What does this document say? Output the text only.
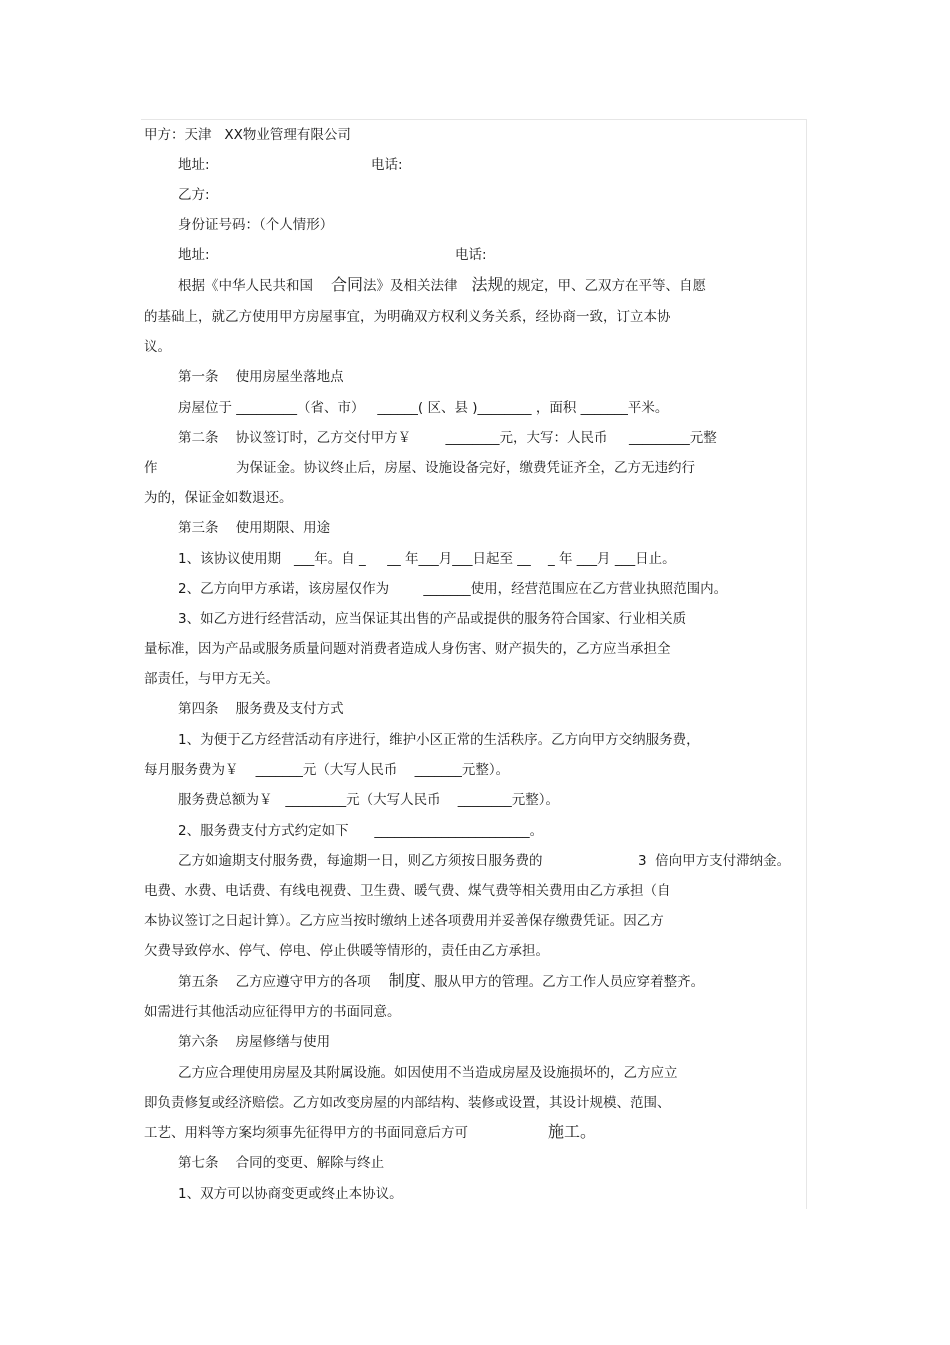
甲方：天津   XX物业管理有限公司
地址:	电话:
乙方:
身份证号码：（个人情形）
地址:	电话:
根据《中华人民共和国 合同法》及相关法律 法规的规定，甲、乙双方在平等、自愿
的基础上，就乙方使用甲方房屋事宜，为明确双方权利义务关系，经协商一致，订立本协
议。
第一条    使用房屋坐落地点
房屋位于 _________（省、市）   ______( 区、县 )________ ，面积 _______平米。
第二条    协议签订时，乙方交付甲方￥        ________元，大写：人民币     _________元整
作	为保证金。协议终止后，房屋、设施设备完好，缴费凭证齐全，乙方无违约行
为的，保证金如数退还。
第三条    使用期限、用途
1、该协议使用期   ___年。自 _     __ 年___月___日起至 __    _ 年 ___月 ___日止。
2、乙方向甲方承诺，该房屋仅作为        _______使用，经营范围应在乙方营业执照范围内。
3、如乙方进行经营活动，应当保证其出售的产品或提供的服务符合国家、行业相关质
量标准，因为产品或服务质量问题对消费者造成人身伤害、财产损失的，乙方应当承担全
部责任，与甲方无关。
第四条    服务费及支付方式
1、为便于乙方经营活动有序进行，维护小区正常的生活秩序。乙方向甲方交纳服务费，
每月服务费为￥    _______元（大写人民币    _______元整）。
服务费总额为￥   _________元（大写人民币    ________元整）。
2、服务费支付方式约定如下      _______________________。
乙方如逾期支付服务费，每逾期一日，则乙方须按日服务费的	3  倍向甲方支付滞纳金。
电费、水费、电话费、有线电视费、卫生费、暖气费、煤气费等相关费用由乙方承担（自
本协议签订之日起计算）。乙方应当按时缴纳上述各项费用并妥善保存缴费凭证。因乙方
欠费导致停水、停气、停电、停止供暖等情形的，责任由乙方承担。
第五条    乙方应遵守甲方的各项 制度、服从甲方的管理。乙方工作人员应穿着整齐。
如需进行其他活动应征得甲方的书面同意。
第六条    房屋修缮与使用
乙方应合理使用房屋及其附属设施。如因使用不当造成房屋及设施损坏的，乙方应立
即负责修复或经济赔偿。乙方如改变房屋的内部结构、装修或设置，其设计规模、范围、
工艺、用料等方案均须事先征得甲方的书面同意后方可	施工。
第七条    合同的变更、解除与终止
1、双方可以协商变更或终止本协议。
